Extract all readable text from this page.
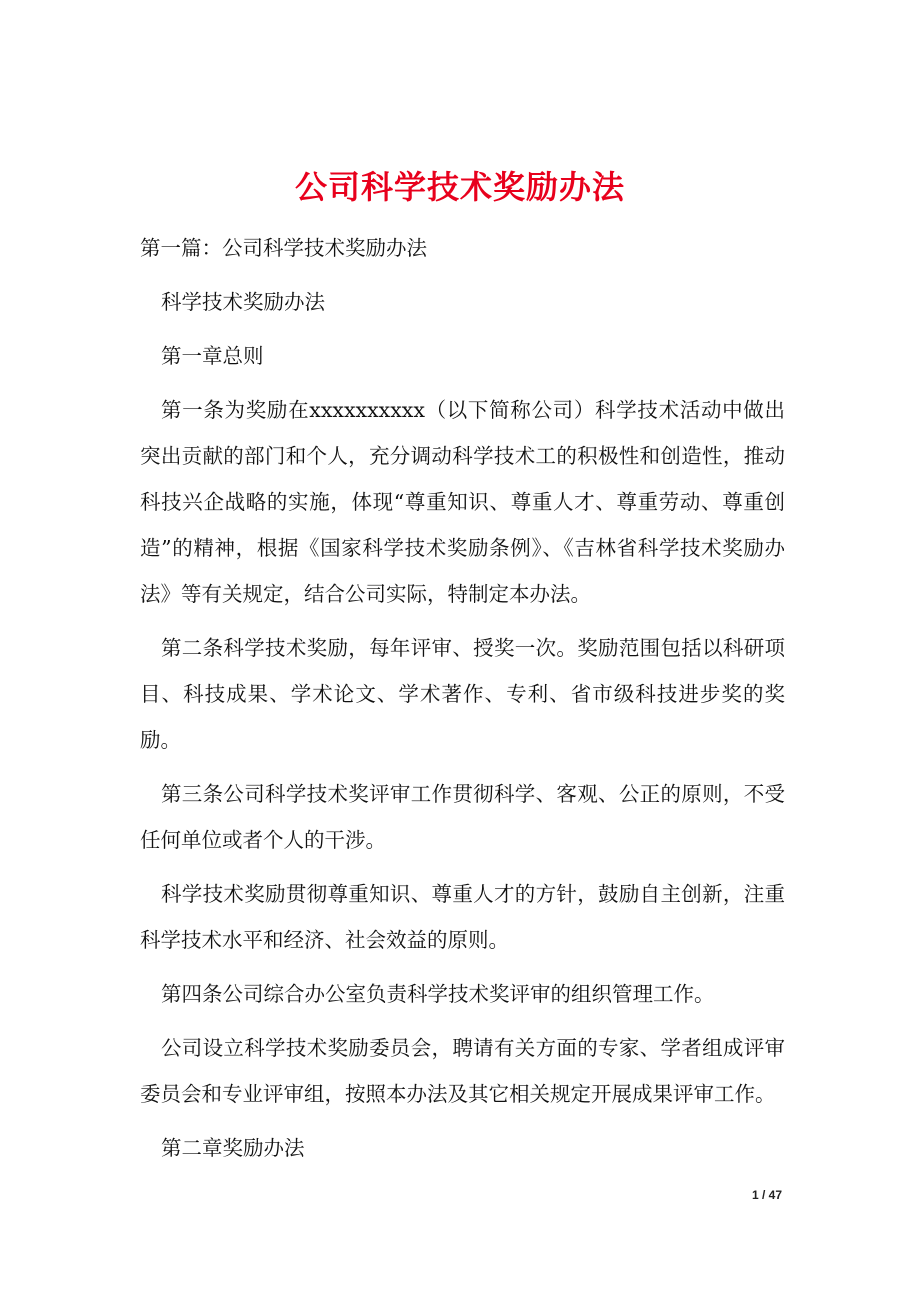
公司科学技术奖励办法

第一篇：公司科学技术奖励办法

科学技术奖励办法

第一章总则

第一条为奖励在xxxxxxxxxx（以下简称公司）科学技术活动中做出突出贡献的部门和个人，充分调动科学技术工的积极性和创造性，推动科技兴企战略的实施，体现“尊重知识、尊重人才、尊重劳动、尊重创造”的精神，根据《国家科学技术奖励条例》、《吉林省科学技术奖励办法》等有关规定，结合公司实际，特制定本办法。

第二条科学技术奖励，每年评审、授奖一次。奖励范围包括以科研项目、科技成果、学术论文、学术著作、专利、省市级科技进步奖的奖励。

第三条公司科学技术奖评审工作贯彻科学、客观、公正的原则，不受任何单位或者个人的干涉。

科学技术奖励贯彻尊重知识、尊重人才的方针，鼓励自主创新，注重科学技术水平和经济、社会效益的原则。

第四条公司综合办公室负责科学技术奖评审的组织管理工作。

公司设立科学技术奖励委员会，聘请有关方面的专家、学者组成评审委员会和专业评审组，按照本办法及其它相关规定开展成果评审工作。

第二章奖励办法

1 / 47
